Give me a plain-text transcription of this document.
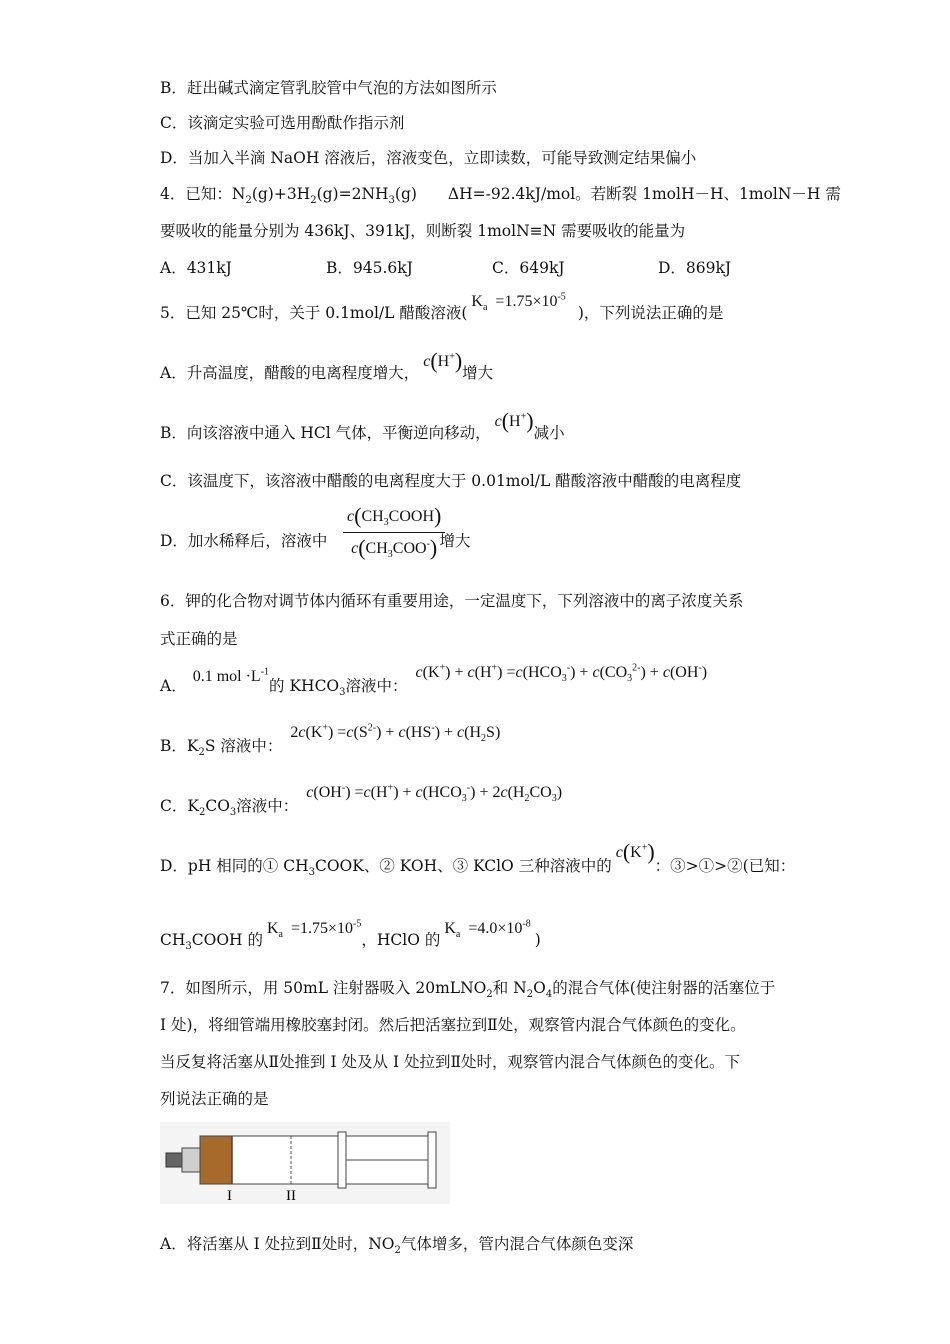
B．赶出碱式滴定管乳胶管中气泡的方法如图所示
C．该滴定实验可选用酚酞作指示剂
D．当加入半滴 NaOH 溶液后，溶液变色，立即读数，可能导致测定结果偏小
4．已知：$N_2(g)+3H_2(g)=2NH_3(g)$　　ΔH=-92.4kJ/mol。若断裂 1molH－H、1molN－H 需
要吸收的能量分别为 436kJ、391kJ，则断裂 1molN≡N 需要吸收的能量为
A．431kJ	B．945.6kJ	C．649kJ	D．869kJ
5．已知 25℃时，关于 0.1mol/L 醋酸溶液$(K_a =1.75\times 10^{-5})$，下列说法正确的是
A．升高温度，醋酸的电离程度增大，c(H+)增大
B．向该溶液中通入 HCl 气体，平衡逆向移动，c(H+)减小
C．该温度下，该溶液中醋酸的电离程度大于 0.01mol/L 醋酸溶液中醋酸的电离程度
D．加水稀释后，溶液中	增大
$c(CH_3COOH)$
$c(CH_3COO^-)$
6．钾的化合物对调节体内循环有重要用途，一定温度下，下列溶液中的离子浓度关系
式正确的是
A．0.1 mol $\cdot L^{-1}$的 $KHCO_3$溶液中：$c(K^+) + c(H^+) =c(HCO_3^-) + c(CO_3^{2-}) + c(OH^-)$
B．$K_2S$ 溶液中：$2c(K^+) =c(S^{2-}) + c(HS^-) + c(H_2S)$
C．$K_2CO_3$溶液中：$c(OH^-) =c(H^+) + c(HCO_3^-) + 2c(H_2CO_3)$
D．pH 相同的① $CH_3COOK$、② KOH、③ KClO 三种溶液中的c(K+)：③>①>②(已知：
$CH_3COOH$ 的$K_a =1.75\times 10^{-5}$，HClO 的$K_a =4.0\times 10^{-8}$)
7．如图所示，用 50mL 注射器吸入 20mLNO$_2$和 $N_2O_4$的混合气体(使注射器的活塞位于
I 处)，将细管端用橡胶塞封闭。然后把活塞拉到Ⅱ处，观察管内混合气体颜色的变化。
当反复将活塞从Ⅱ处推到 I 处及从 I 处拉到Ⅱ处时，观察管内混合气体颜色的变化。下
列说法正确的是
I	II
A．将活塞从 I 处拉到Ⅱ处时，$NO_2$气体增多，管内混合气体颜色变深
